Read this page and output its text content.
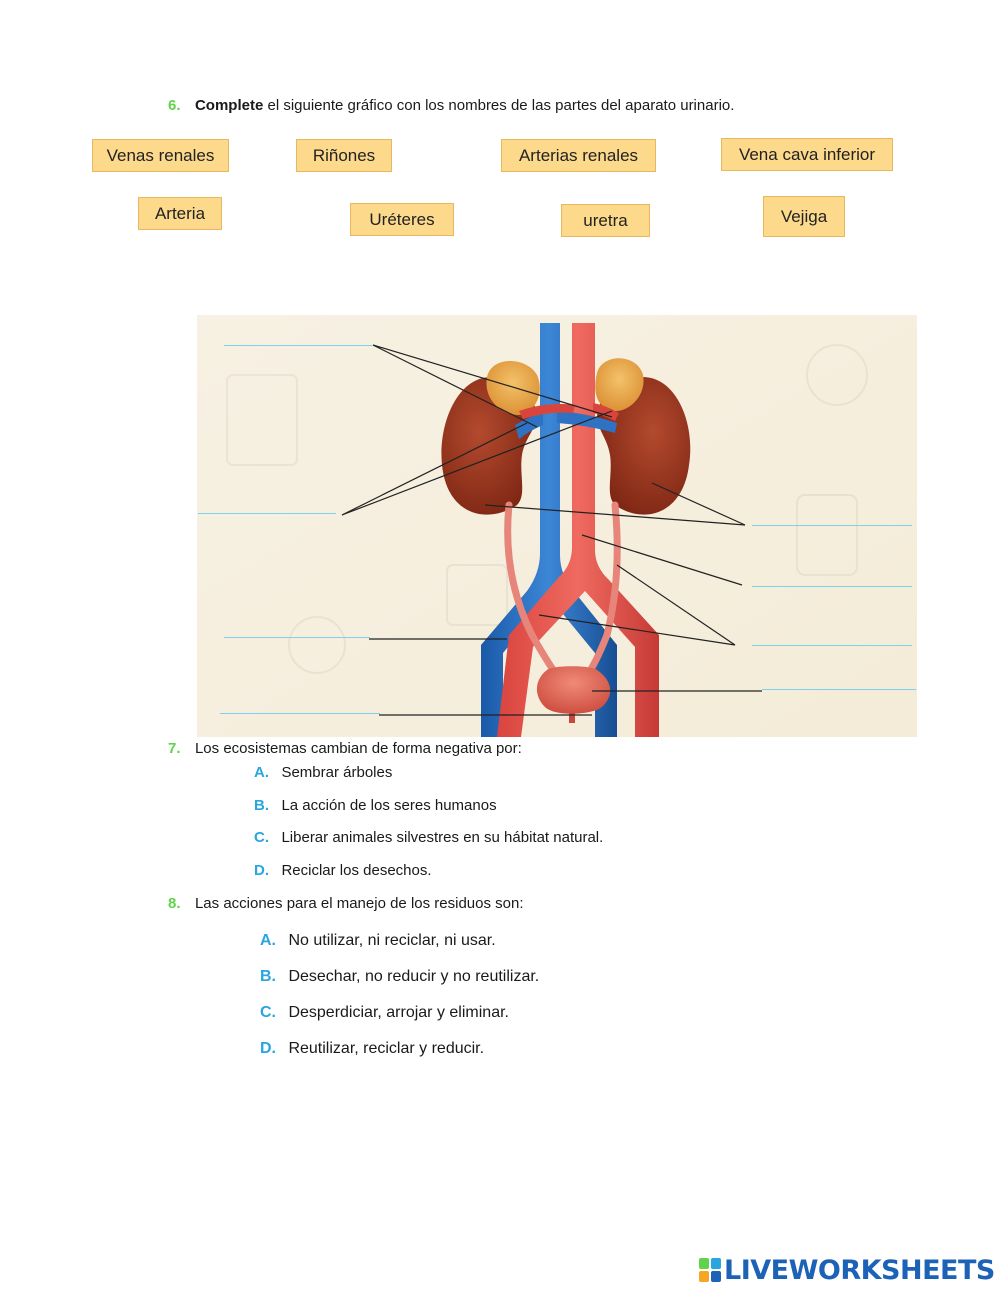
6. Complete el siguiente gráfico con los nombres de las partes del aparato urinario.
Venas renales	Riñones	Arterias renales	Vena cava inferior
Arteria	Uréteres	uretra	Vejiga
7. Los ecosistemas cambian de forma negativa por:
A. Sembrar árboles
B. La acción de los seres humanos
C. Liberar animales silvestres en su hábitat natural.
D. Reciclar los desechos.
8. Las acciones para el manejo de los residuos son:
A. No utilizar, ni reciclar, ni usar.
B. Desechar, no reducir y no reutilizar.
C. Desperdiciar, arrojar y eliminar.
D. Reutilizar, reciclar y reducir.
LIVEWORKSHEETS
